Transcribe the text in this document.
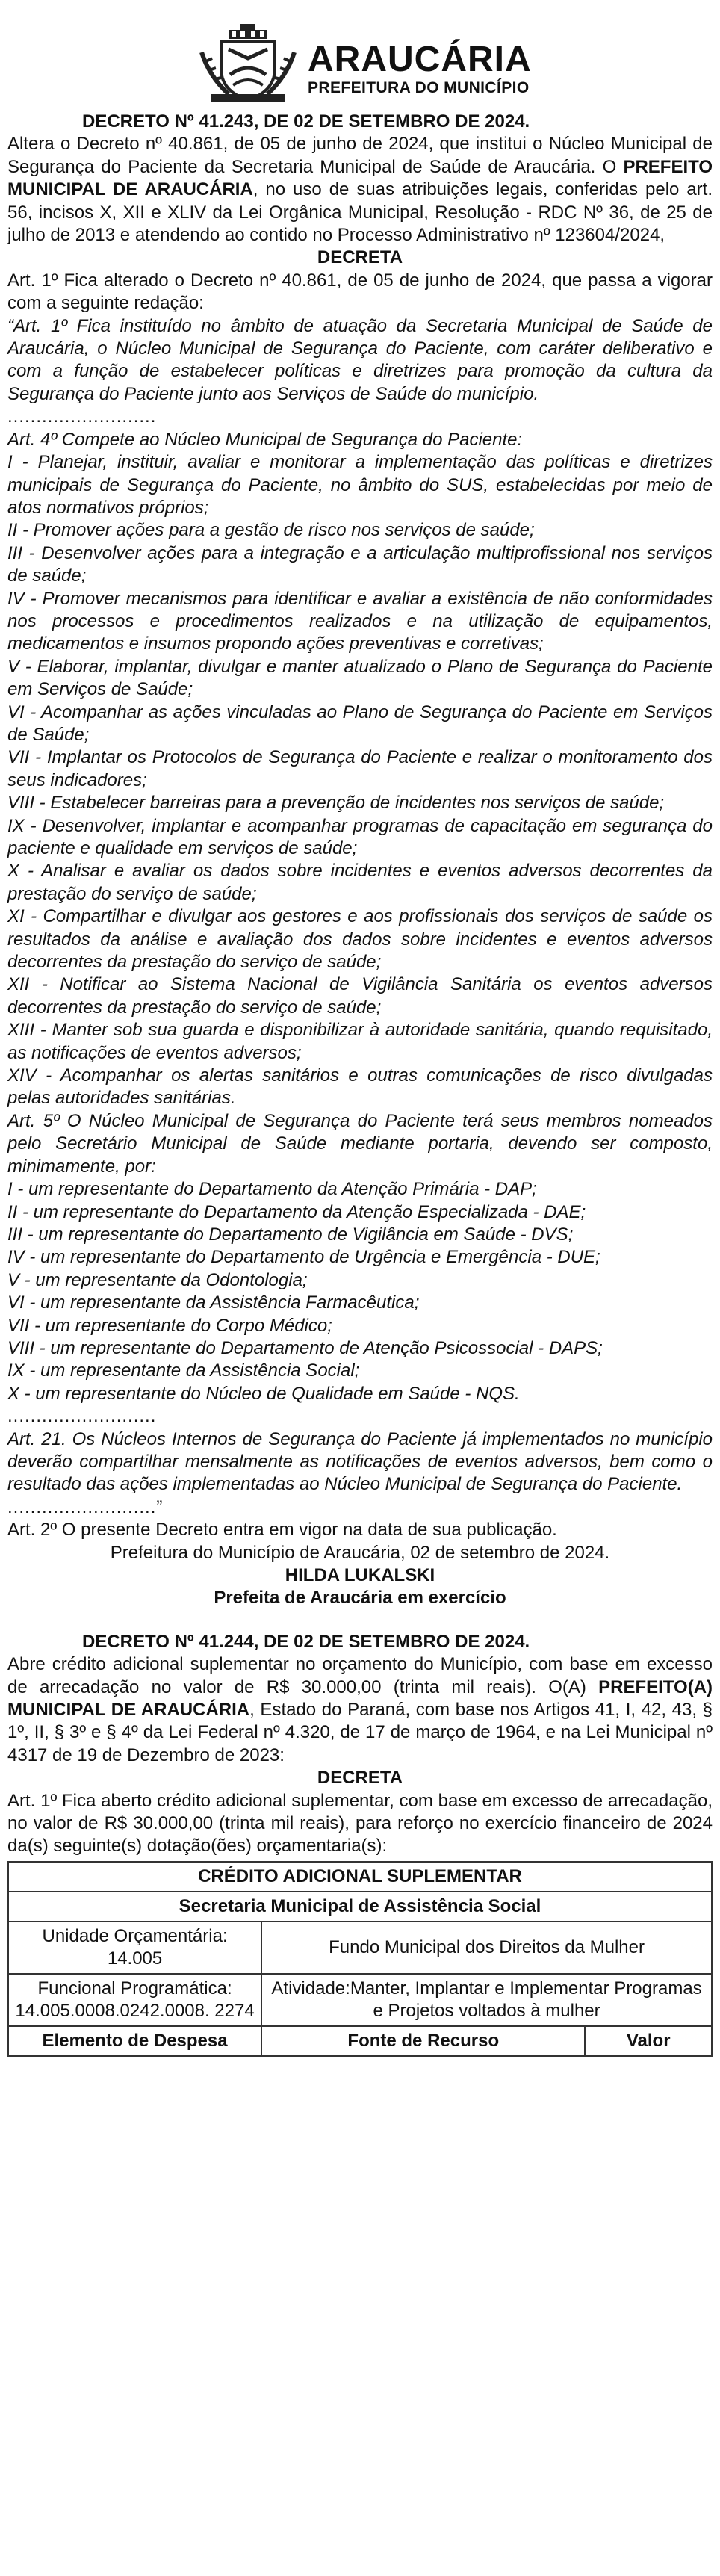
ARAUCÁRIA
PREFEITURA DO MUNICÍPIO

DECRETO Nº 41.243, DE 02 DE SETEMBRO DE 2024.

Altera o Decreto nº 40.861, de 05 de junho de 2024, que institui o Núcleo Municipal de Segurança do Paciente da Secretaria Municipal de Saúde de Araucária. O PREFEITO MUNICIPAL DE ARAUCÁRIA, no uso de suas atribuições legais, conferidas pelo art. 56, incisos X, XII e XLIV da Lei Orgânica Municipal, Resolução - RDC Nº 36, de 25 de julho de 2013 e atendendo ao contido no Processo Administrativo nº 123604/2024,

DECRETA

Art. 1º Fica alterado o Decreto nº 40.861, de 05 de junho de 2024, que passa a vigorar com a seguinte redação:

“Art. 1º Fica instituído no âmbito de atuação da Secretaria Municipal de Saúde de Araucária, o Núcleo Municipal de Segurança do Paciente, com caráter deliberativo e com a função de estabelecer políticas e diretrizes para promoção da cultura da Segurança do Paciente junto aos Serviços de Saúde do município.

..........................

Art. 4º Compete ao Núcleo Municipal de Segurança do Paciente:

I - Planejar, instituir, avaliar e monitorar a implementação das políticas e diretrizes municipais de Segurança do Paciente, no âmbito do SUS, estabelecidas por meio de atos normativos próprios;

II - Promover ações para a gestão de risco nos serviços de saúde;

III - Desenvolver ações para a integração e a articulação multiprofissional nos serviços de saúde;

IV - Promover mecanismos para identificar e avaliar a existência de não conformidades nos processos e procedimentos realizados e na utilização de equipamentos, medicamentos e insumos propondo ações preventivas e corretivas;

V - Elaborar, implantar, divulgar e manter atualizado o Plano de Segurança do Paciente em Serviços de Saúde;

VI - Acompanhar as ações vinculadas ao Plano de Segurança do Paciente em Serviços de Saúde;

VII - Implantar os Protocolos de Segurança do Paciente e realizar o monitoramento dos seus indicadores;

VIII - Estabelecer barreiras para a prevenção de incidentes nos serviços de saúde;

IX - Desenvolver, implantar e acompanhar programas de capacitação em segurança do paciente e qualidade em serviços de saúde;

X - Analisar e avaliar os dados sobre incidentes e eventos adversos decorrentes da prestação do serviço de saúde;

XI - Compartilhar e divulgar aos gestores e aos profissionais dos serviços de saúde os resultados da análise e avaliação dos dados sobre incidentes e eventos adversos decorrentes da prestação do serviço de saúde;

XII - Notificar ao Sistema Nacional de Vigilância Sanitária os eventos adversos decorrentes da prestação do serviço de saúde;

XIII - Manter sob sua guarda e disponibilizar à autoridade sanitária, quando requisitado, as notificações de eventos adversos;

XIV - Acompanhar os alertas sanitários e outras comunicações de risco divulgadas pelas autoridades sanitárias.

Art. 5º O Núcleo Municipal de Segurança do Paciente terá seus membros nomeados pelo Secretário Municipal de Saúde mediante portaria, devendo ser composto, minimamente, por:

I - um representante do Departamento da Atenção Primária - DAP;

II - um representante do Departamento da Atenção Especializada - DAE;

III - um representante do Departamento de Vigilância em Saúde - DVS;

IV - um representante do Departamento de Urgência e Emergência - DUE;

V - um representante da Odontologia;

VI - um representante da Assistência Farmacêutica;

VII - um representante do Corpo Médico;

VIII - um representante do Departamento de Atenção Psicossocial - DAPS;

IX - um representante da Assistência Social;

X - um representante do Núcleo de Qualidade em Saúde - NQS.

..........................

Art. 21. Os Núcleos Internos de Segurança do Paciente já implementados no município deverão compartilhar mensalmente as notificações de eventos adversos, bem como o resultado das ações implementadas ao Núcleo Municipal de Segurança do Paciente.

..........................”

Art. 2º O presente Decreto entra em vigor na data de sua publicação.

Prefeitura do Município de Araucária, 02 de setembro de 2024.

HILDA LUKALSKI

Prefeita de Araucária em exercício

DECRETO Nº 41.244, DE 02 DE SETEMBRO DE 2024.

Abre crédito adicional suplementar no orçamento do Município, com base em excesso de arrecadação no valor de R$ 30.000,00 (trinta mil reais). O(A) PREFEITO(A) MUNICIPAL DE ARAUCÁRIA, Estado do Paraná, com base nos Artigos 41, I, 42, 43, § 1º, II, § 3º e § 4º da Lei Federal nº 4.320, de 17 de março de 1964, e na Lei Municipal nº 4317 de 19 de Dezembro de 2023:

DECRETA

Art. 1º Fica aberto crédito adicional suplementar, com base em excesso de arrecadação, no valor de R$ 30.000,00 (trinta mil reais), para reforço no exercício financeiro de 2024 da(s) seguinte(s) dotação(ões) orçamentaria(s):

CRÉDITO ADICIONAL SUPLEMENTAR		
Secretaria Municipal de Assistência Social		
Unidade Orçamentária: 14.005	Fundo Municipal dos Direitos da Mulher	
Funcional Programática: 14.005.0008.0242.0008. 2274	Atividade:Manter, Implantar e Implementar Programas e Projetos voltados à mulher	
Elemento de Despesa	Fonte de Recurso	Valor
